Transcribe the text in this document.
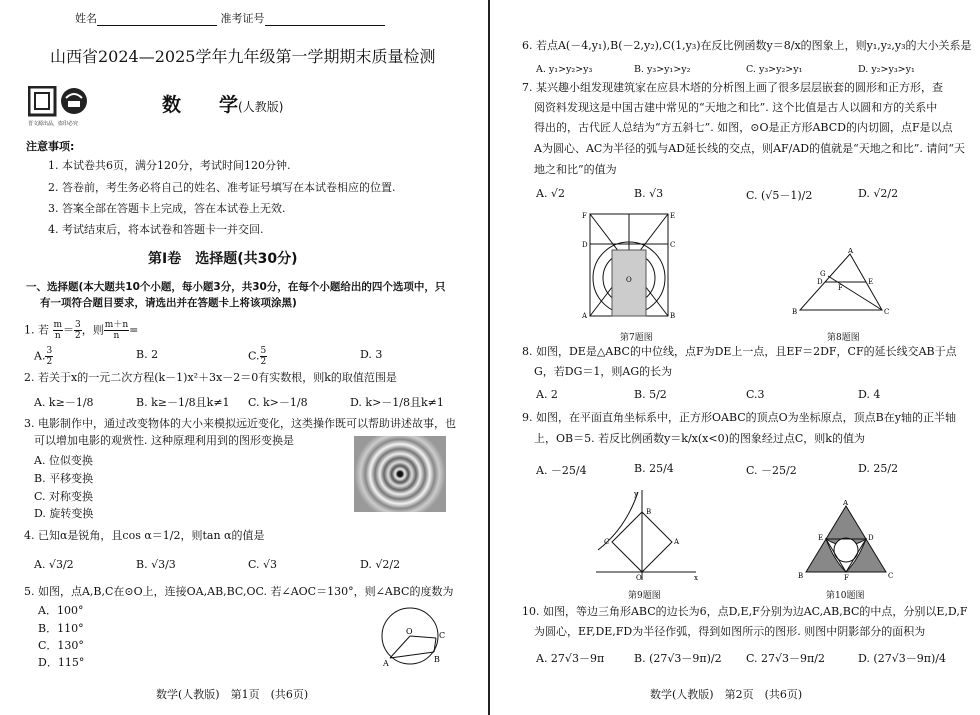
姓名	准考证号
山西省2024—2025学年九年级第一学期期末质量检测
晋文源出品，盗印必究
数　　学(人教版)
注意事项:
1. 本试卷共6页，满分120分，考试时间120分钟.
2. 答卷前，考生务必将自己的姓名、准考证号填写在本试卷相应的位置.
3. 答案全部在答题卡上完成，答在本试卷上无效.
4. 考试结束后，将本试卷和答题卡一并交回.
第Ⅰ卷　选择题(共30分)
一、选择题(本大题共10个小题，每小题3分，共30分，在每个小题给出的四个选项中，只
有一项符合题目要求，请选出并在答题卡上将该项涂黑)
1. 若 $\frac{m}{n} = \frac{3}{2}$ ，则 $\frac{m+n}{n}$ =
A. $\frac{3}{2}$	B. 2	C. $\frac{5}{2}$	D. 3
2. 若关于x的一元二次方程(k－1)x²＋3x－2＝0有实数根，则k的取值范围是
A. k≥－1/8	B. k≥－1/8且k≠1 C. k>－1/8	D. k>－1/8且k≠1
3. 电影制作中，通过改变物体的大小来模拟远近变化，这类操作既可以帮助讲述故事，也
可以增加电影的观赏性. 这种原理利用到的图形变换是
A. 位似变换
B. 平移变换
C. 对称变换
D. 旋转变换
4. 已知α是锐角，且cos α＝1/2，则tan α的值是
A. √3/2	B. √3/3	C. √3	D. √2/2
5. 如图，点A,B,C在⊙O上，连接OA,AB,BC,OC. 若∠AOC＝130°，则∠ABC的度数为
A．100°
B．110°
C．130°
D．115°
O
A	B
C
数学(人教版)　第1页　(共6页)
6. 若点A(－4,y₁),B(－2,y₂),C(1,y₃)在反比例函数y＝8/x的图象上，则y₁,y₂,y₃的大小关系是
A. y₁>y₂>y₃	B. y₃>y₁>y₂	C. y₃>y₂>y₁	D. y₂>y₃>y₁
7. 某兴趣小组发现建筑家在应县木塔的分析图上画了很多层层嵌套的圆形和正方形，查
阅资料发现这是中国古建中常见的“天地之和比”. 这个比值是古人以圆和方的关系中
得出的，古代匠人总结为“方五斜七”. 如图，⊙O是正方形ABCD的内切圆，点F是以点
A为圆心、AC为半径的弧与AD延长线的交点，则AF/AD的值就是“天地之和比”. 请问“天
地之和比”的值为
A. √2	B. √3	C. (√5－1)/2	D. √2/2
F	E
D	C
A	B
O
第7题图
A
B	C
D	E
G
F
第8题图
8. 如图，DE是△ABC的中位线，点F为DE上一点，且EF＝2DF，CF的延长线交AB于点
G，若DG＝1，则AG的长为
A. 2	B. 5/2	C.3	D. 4
9. 如图，在平面直角坐标系中，正方形OABC的顶点O为坐标原点，顶点B在y轴的正半轴
上，OB＝5. 若反比例函数y＝k/x(x<0)的图象经过点C，则k的值为
A. －25/4	B. 25/4	C. －25/2	D. 25/2
y
x
O
B
A
C
第9题图
A
B	C
E	D
F
第10题图
10. 如图，等边三角形ABC的边长为6，点D,E,F分别为边AC,AB,BC的中点，分别以E,D,F
为圆心，EF,DE,FD为半径作弧，得到如图所示的图形. 则图中阴影部分的面积为
A. 27√3－9π	B. (27√3－9π)/2 C. 27√3－9π/2	D. (27√3－9π)/4
数学(人教版)　第2页　(共6页)
